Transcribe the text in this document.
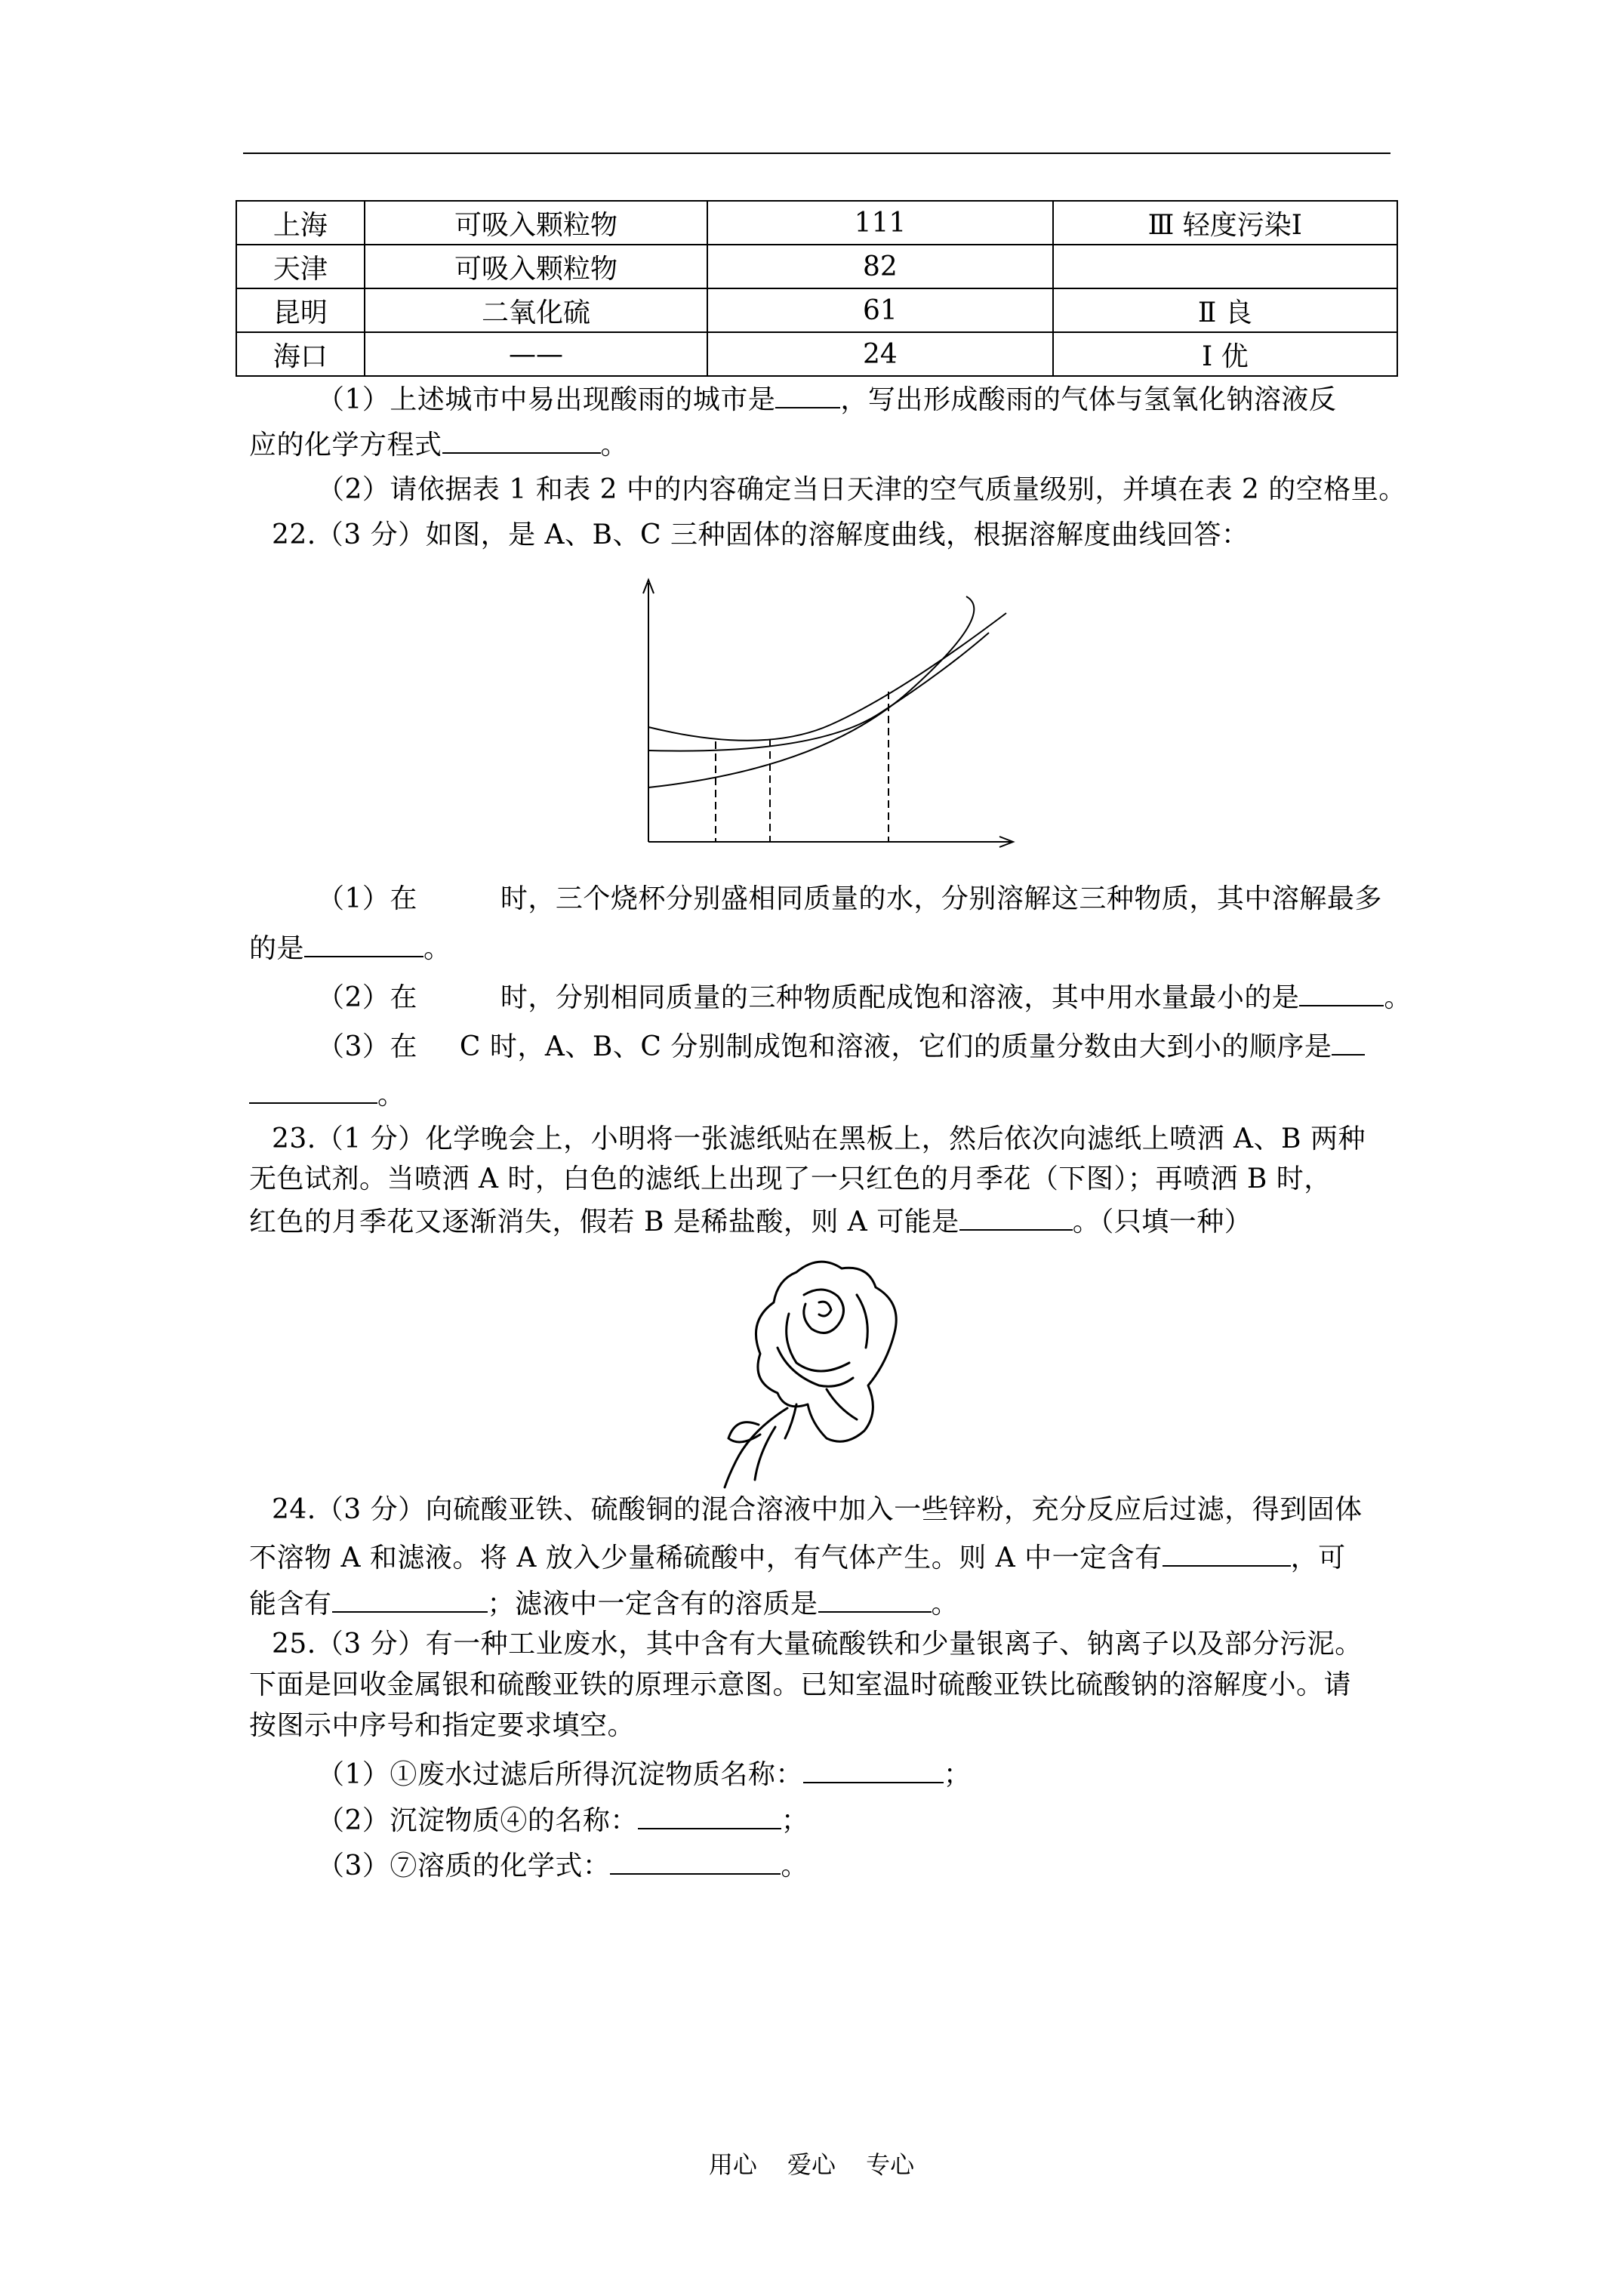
上海	可吸入颗粒物	111	Ⅲ 轻度污染Ⅰ
天津	可吸入颗粒物	82	
昆明	二氧化硫	61	Ⅱ 良
海口	——	24	Ⅰ 优
（1）上述城市中易出现酸雨的城市是 ，写出形成酸雨的气体与氢氧化钠溶液反
应的化学方程式	。
（2）请依据表 1 和表 2 中的内容确定当日天津的空气质量级别，并填在表 2 的空格里。
22.（3 分）如图，是 A、B、C 三种固体的溶解度曲线，根据溶解度曲线回答：
（1）在	时，三个烧杯分别盛相同质量的水，分别溶解这三种物质，其中溶解最多
的是	。
（2）在	时，分别相同质量的三种物质配成饱和溶液，其中用水量最小的是	。
（3）在 C 时，A、B、C 分别制成饱和溶液，它们的质量分数由大到小的顺序是
。
23.（1 分）化学晚会上，小明将一张滤纸贴在黑板上，然后依次向滤纸上喷洒 A、B 两种
无色试剂。当喷洒 A 时，白色的滤纸上出现了一只红色的月季花（下图）；再喷洒 B 时，
红色的月季花又逐渐消失，假若 B 是稀盐酸，则 A 可能是	。（只填一种）
24.（3 分）向硫酸亚铁、硫酸铜的混合溶液中加入一些锌粉，充分反应后过滤，得到固体
不溶物 A 和滤液。将 A 放入少量稀硫酸中，有气体产生。则 A 中一定含有	，可
能含有	；滤液中一定含有的溶质是	。
25.（3 分）有一种工业废水，其中含有大量硫酸铁和少量银离子、钠离子以及部分污泥。
下面是回收金属银和硫酸亚铁的原理示意图。已知室温时硫酸亚铁比硫酸钠的溶解度小。请
按图示中序号和指定要求填空。
（1）①废水过滤后所得沉淀物质名称：	；
（2）沉淀物质④的名称：	；
（3）⑦溶质的化学式：	。
用心 爱心 专心
